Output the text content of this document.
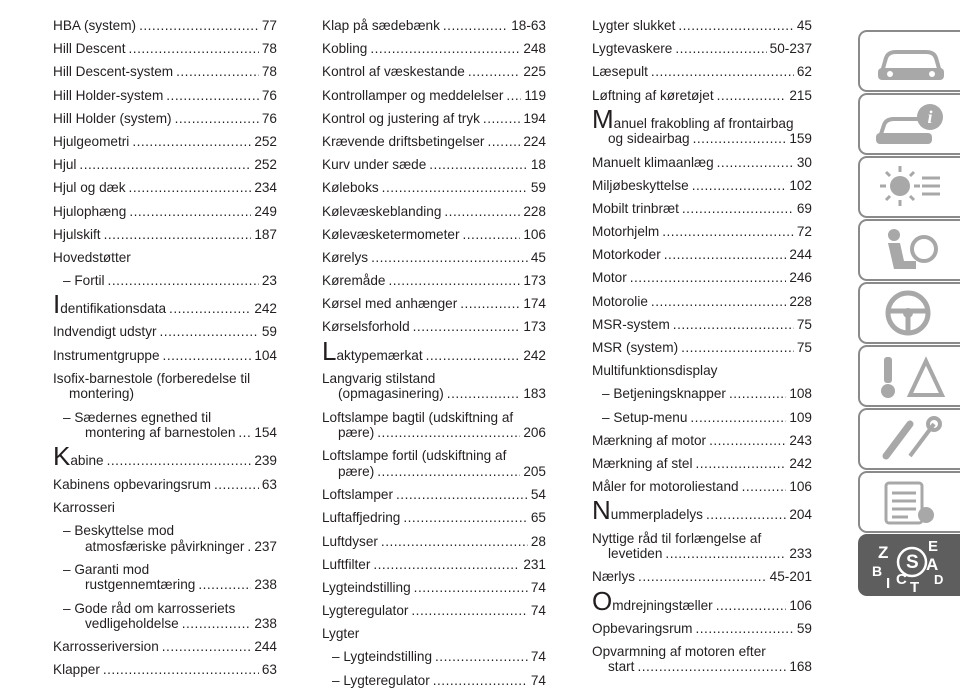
HBA (system) .....	77
Hill Descent .....	78
Hill Descent-system .....	78
Hill Holder-system .....	76
Hill Holder (system) .....	76
Hjulgeometri .....	252
Hjul .....	252
Hjul og dæk .....	234
Hjulophæng .....	249
Hjulskift .....	187
Hovedstøtter
– Fortil .....	23
Identifikationsdata .....	242
Indvendigt udstyr .....	59
Instrumentgruppe .....	104
Isofix-barnestole (forberedelse til
montering)
– Sædernes egnethed til
montering af barnestolen ..... 154
Kabine .....	239
Kabinens opbevaringsrum .....	63
Karrosseri
– Beskyttelse mod
atmosfæriske påvirkninger ..... 237
– Garanti mod
rustgennemtæring .....	238
– Gode råd om karrosseriets
vedligeholdelse .....	238
Karrosseriversion .....	244
Klapper .....	63
Klap på sædebænk .....	18-63
Kobling .....	248
Kontrol af væskestande .....	225
Kontrollamper og meddelelser ..... 119
Kontrol og justering af tryk .....	194
Krævende driftsbetingelser .....	224
Kurv under sæde .....	18
Køleboks .....	59
Kølevæskeblanding .....	228
Kølevæsketermometer .....	106
Kørelys .....	45
Køremåde .....	173
Kørsel med anhænger .....	174
Kørselsforhold .....	173
Laktypemærkat .....	242
Langvarig stilstand
(opmagasinering) .....	183
Loftslampe bagtil (udskiftning af
pære) .....	206
Loftslampe fortil (udskiftning af
pære) .....	205
Loftslamper .....	54
Luftaffjedring .....	65
Luftdyser .....	28
Luftfilter .....	231
Lygteindstilling .....	74
Lygteregulator .....	74
Lygter
– Lygteindstilling .....	74
– Lygteregulator .....	74
Lygter slukket .....	45
Lygtevaskere .....	50-237
Læsepult .....	62
Løftning af køretøjet .....	215
Manuel frakobling af frontairbag
og sideairbag .....	159
Manuelt klimaanlæg .....	30
Miljøbeskyttelse .....	102
Mobilt trinbræt .....	69
Motorhjelm .....	72
Motorkoder .....	244
Motor .....	246
Motorolie .....	228
MSR-system .....	75
MSR (system) .....	75
Multifunktionsdisplay
– Betjeningsknapper .....	108
– Setup-menu .....	109
Mærkning af motor .....	243
Mærkning af stel .....	242
Måler for motoroliestand .....	106
Nummerpladelys .....	204
Nyttige råd til forlængelse af
levetiden .....	233
Nærlys .....	45-201
Omdrejningstæller .....	106
Opbevaringsrum .....	59
Opvarmning af motoren efter
start .....	168
i
Z	E
B S A
I C T D
